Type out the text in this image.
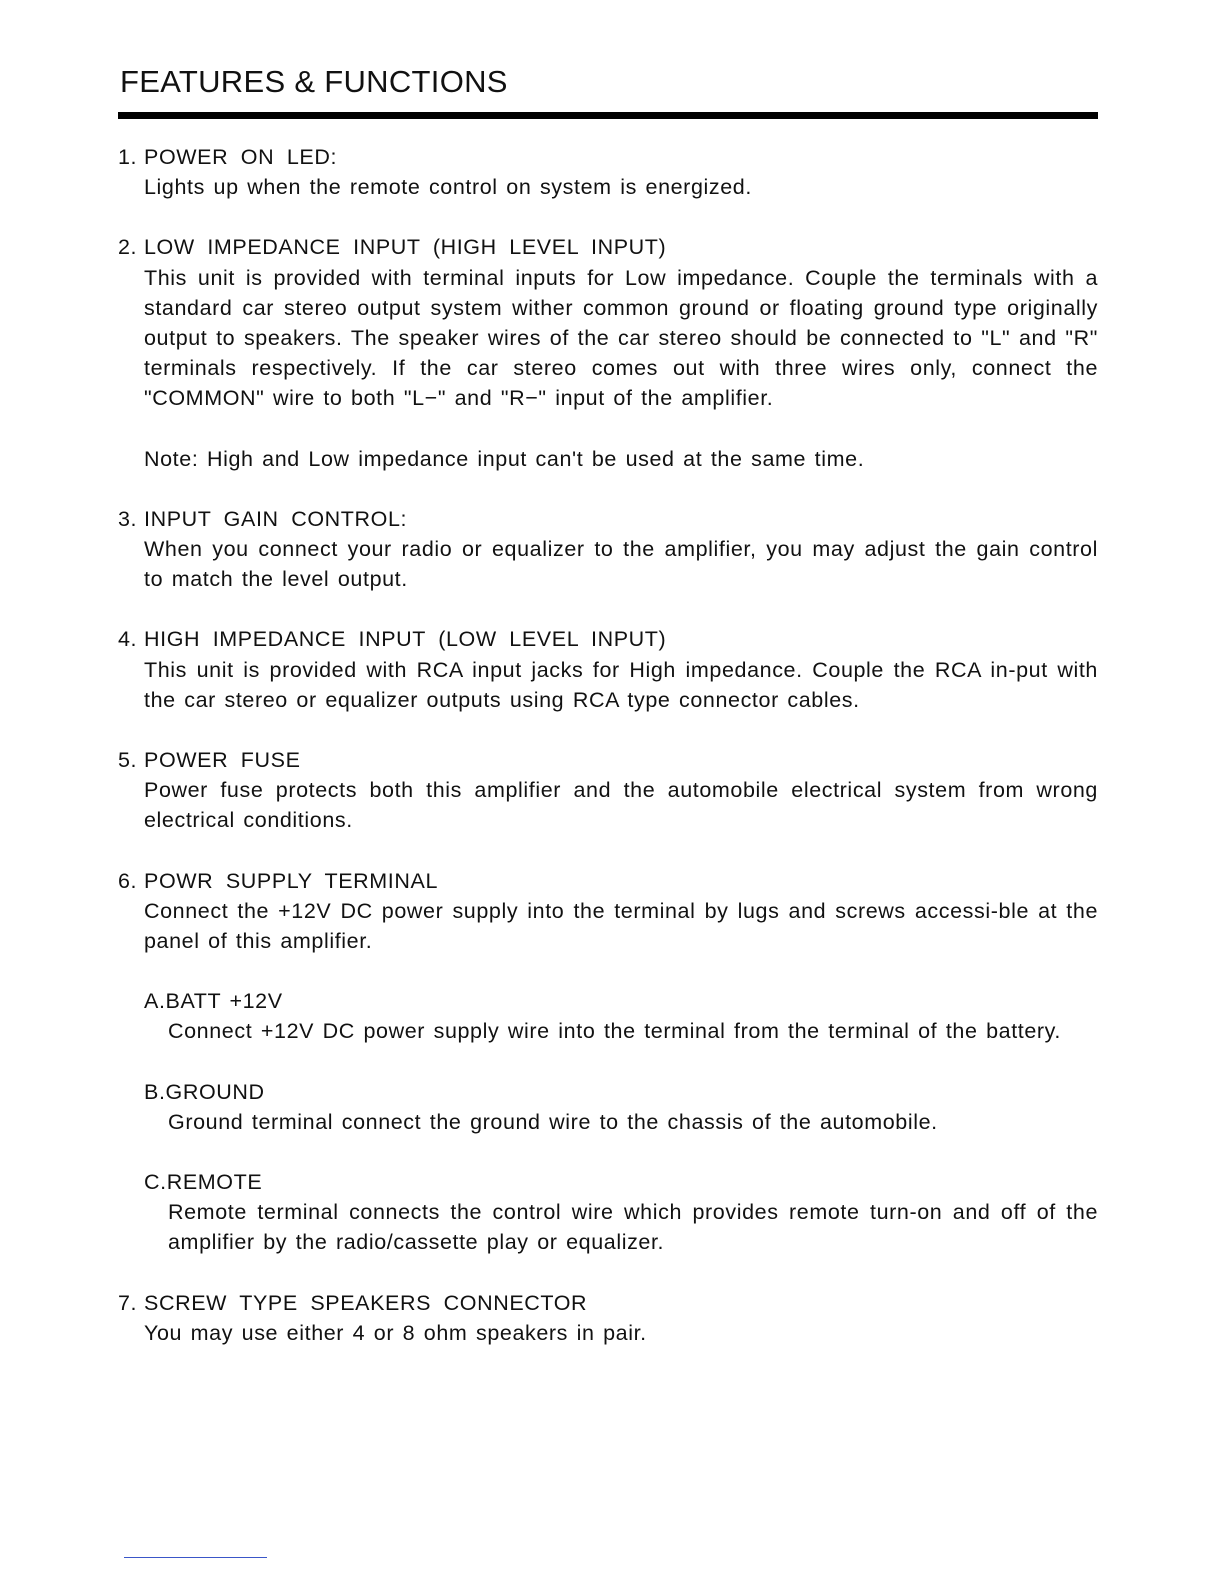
FEATURES & FUNCTIONS

1. POWER ON LED:

Lights up when the remote control on system is energized.

2. LOW IMPEDANCE INPUT (HIGH LEVEL INPUT)

This unit is provided with terminal inputs for Low impedance. Couple the terminals with a standard car stereo output system wither common ground or floating ground type originally output to speakers. The speaker wires of the car stereo should be connected to "L" and "R" terminals respectively. If the car stereo comes out with three wires only, connect the "COMMON" wire to both "L−" and "R−" input of the amplifier.

Note: High and Low impedance input can't be used at the same time.

3. INPUT GAIN CONTROL:

When you connect your radio or equalizer to the amplifier, you may adjust the gain control to match the level output.

4. HIGH IMPEDANCE INPUT (LOW LEVEL INPUT)

This unit is provided with RCA input jacks for High impedance. Couple the RCA in-put with the car stereo or equalizer outputs using RCA type connector cables.

5. POWER FUSE

Power fuse protects both this amplifier and the automobile electrical system from wrong electrical conditions.

6. POWR SUPPLY TERMINAL

Connect the +12V DC power supply into the terminal by lugs and screws accessi-ble at the panel of this amplifier.

A.BATT +12V

Connect +12V DC power supply wire into the terminal from the terminal of the battery.

B.GROUND

Ground terminal connect the ground wire to the chassis of the automobile.

C.REMOTE

Remote terminal connects the control wire which provides remote turn-on and off of the amplifier by the radio/cassette play or equalizer.

7. SCREW TYPE SPEAKERS CONNECTOR

You may use either 4 or 8 ohm speakers in pair.
